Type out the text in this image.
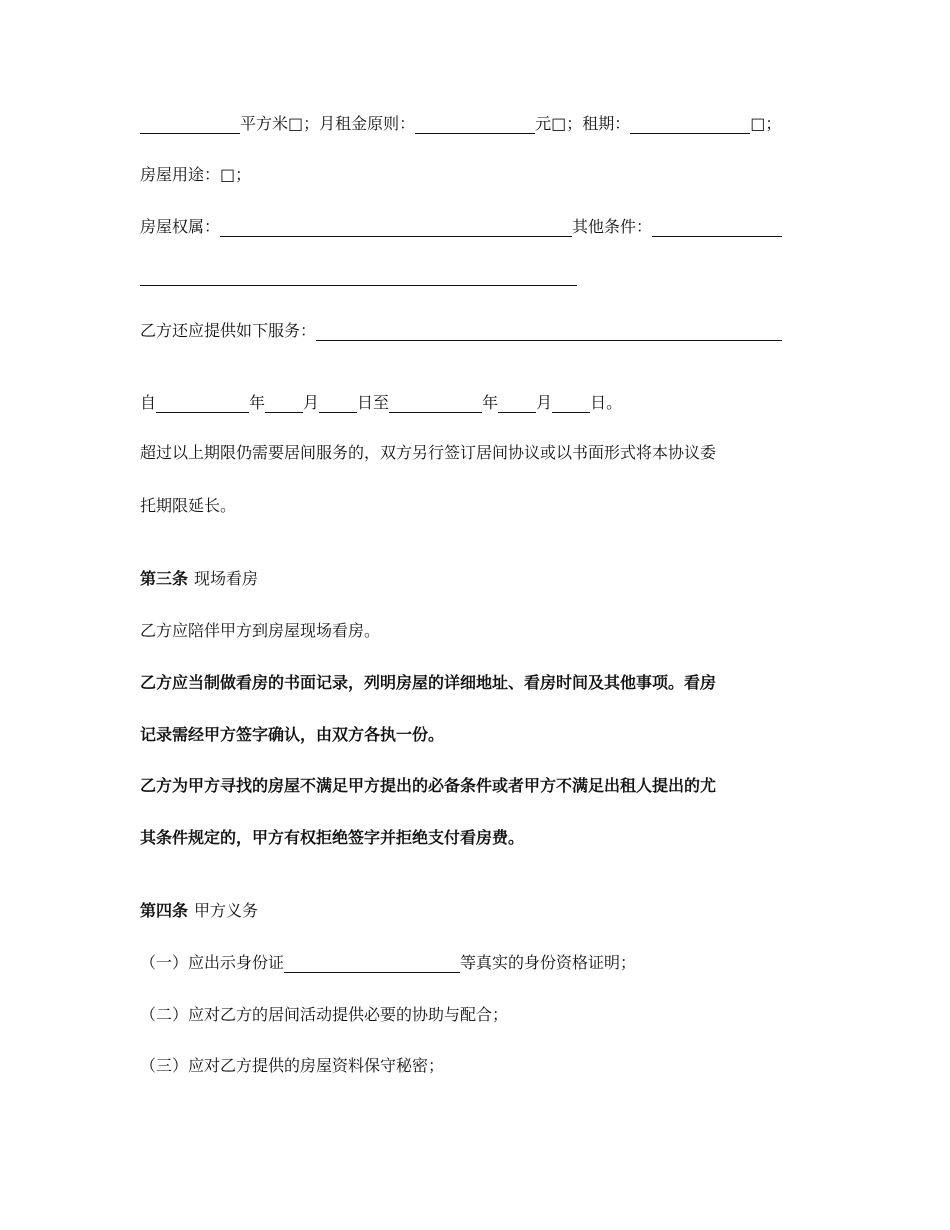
平方米□；月租金原则：	元□；租期：	□；
房屋用途：□；
房屋权属：	其他条件：
乙方还应提供如下服务：
自	年 月 日至	年 月 日。
超过以上期限仍需要居间服务的，双方另行签订居间协议或以书面形式将本协议委
托期限延长。
第三条 现场看房
乙方应陪伴甲方到房屋现场看房。
乙方应当制做看房的书面记录，列明房屋的详细地址、看房时间及其他事项。看房
记录需经甲方签字确认，由双方各执一份。
乙方为甲方寻找的房屋不满足甲方提出的必备条件或者甲方不满足出租人提出的尤
其条件规定的，甲方有权拒绝签字并拒绝支付看房费。
第四条 甲方义务
（一）应出示身份证	等真实的身份资格证明；
（二）应对乙方的居间活动提供必要的协助与配合；
（三）应对乙方提供的房屋资料保守秘密；
